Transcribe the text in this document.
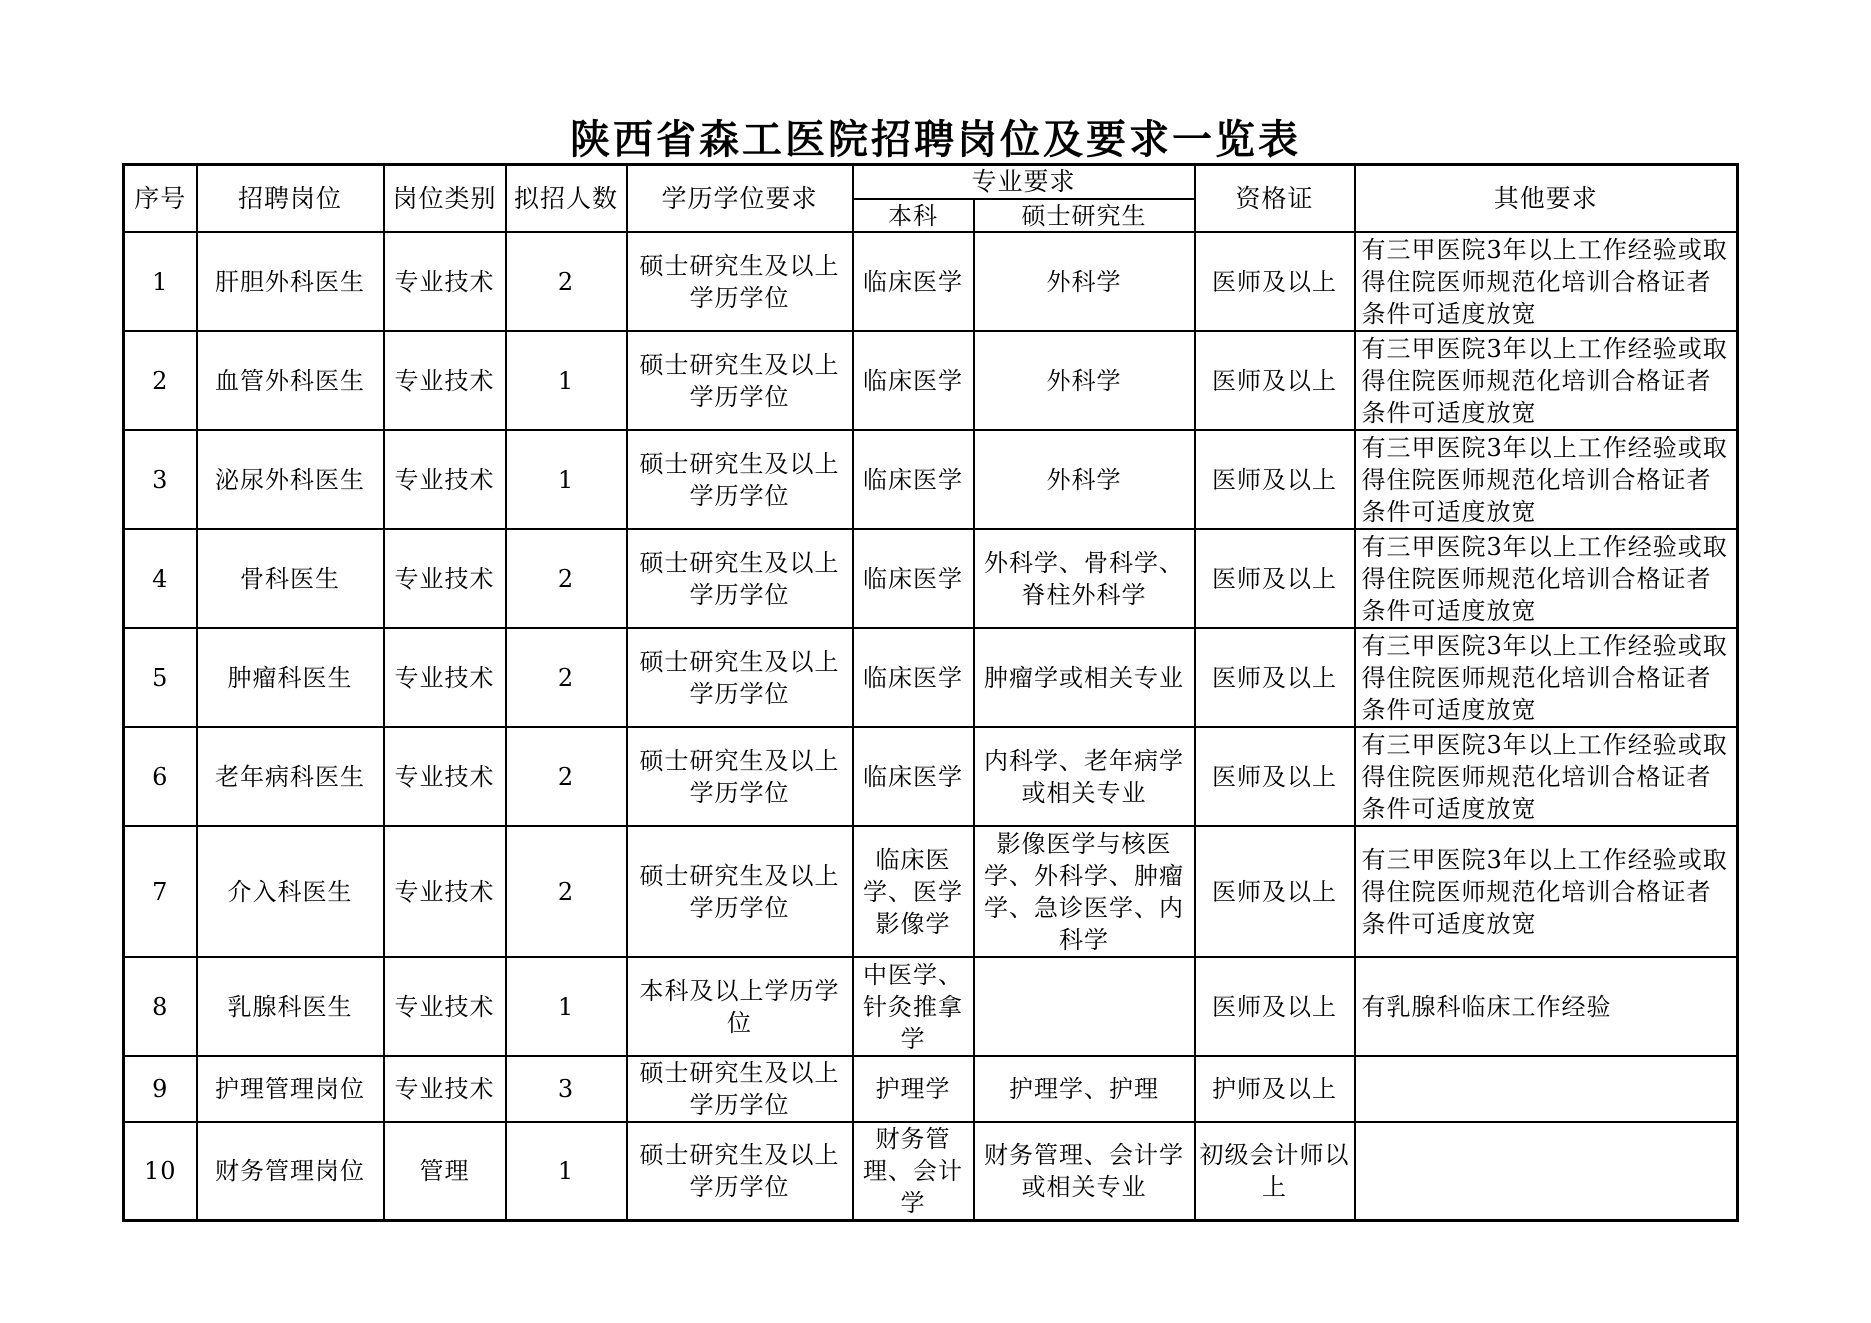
陕西省森工医院招聘岗位及要求一览表
序号	招聘岗位	岗位类别	拟招人数	学历学位要求	专业要求		资格证	其他要求
					本科	硕士研究生		
1	肝胆外科医生	专业技术	2	硕士研究生及以上学历学位	临床医学	外科学	医师及以上	有三甲医院3年以上工作经验或取得住院医师规范化培训合格证者条件可适度放宽
2	血管外科医生	专业技术	1	硕士研究生及以上学历学位	临床医学	外科学	医师及以上	有三甲医院3年以上工作经验或取得住院医师规范化培训合格证者条件可适度放宽
3	泌尿外科医生	专业技术	1	硕士研究生及以上学历学位	临床医学	外科学	医师及以上	有三甲医院3年以上工作经验或取得住院医师规范化培训合格证者条件可适度放宽
4	骨科医生	专业技术	2	硕士研究生及以上学历学位	临床医学	外科学、骨科学、脊柱外科学	医师及以上	有三甲医院3年以上工作经验或取得住院医师规范化培训合格证者条件可适度放宽
5	肿瘤科医生	专业技术	2	硕士研究生及以上学历学位	临床医学	肿瘤学或相关专业	医师及以上	有三甲医院3年以上工作经验或取得住院医师规范化培训合格证者条件可适度放宽
6	老年病科医生	专业技术	2	硕士研究生及以上学历学位	临床医学	内科学、老年病学或相关专业	医师及以上	有三甲医院3年以上工作经验或取得住院医师规范化培训合格证者条件可适度放宽
7	介入科医生	专业技术	2	硕士研究生及以上学历学位	临床医学、医学影像学	影像医学与核医学、外科学、肿瘤学、急诊医学、内科学	医师及以上	有三甲医院3年以上工作经验或取得住院医师规范化培训合格证者条件可适度放宽
8	乳腺科医生	专业技术	1	本科及以上学历学位	中医学、针灸推拿学		医师及以上	有乳腺科临床工作经验
9	护理管理岗位	专业技术	3	硕士研究生及以上学历学位	护理学	护理学、护理	护师及以上	
10	财务管理岗位	管理	1	硕士研究生及以上学历学位	财务管理、会计学	财务管理、会计学或相关专业	初级会计师以上	
